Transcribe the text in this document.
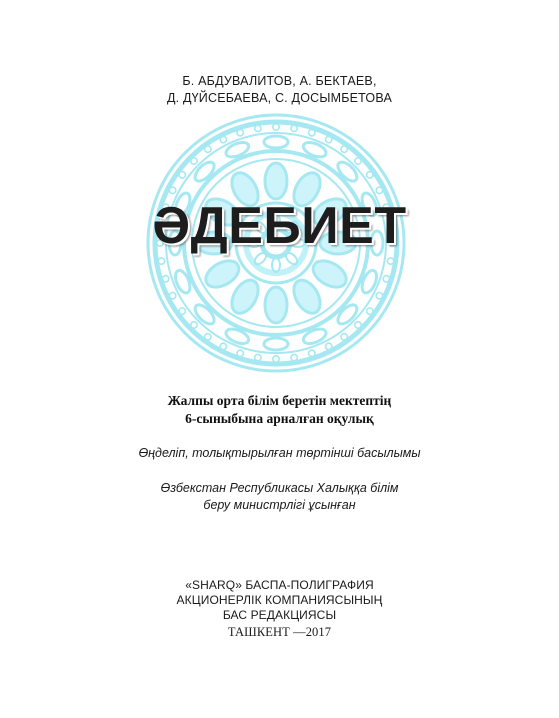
Б. АБДУВАЛИТОВ, А. БЕКТАЕВ,
Д. ДҮЙСЕБАЕВА, С. ДОСЫМБЕТОВА
ӘДЕБИЕТ
Жалпы орта білім беретін мектептің
6-сыныбына арналған оқулық
Өңделіп, толықтырылған төртінші басылымы
Өзбекстан Республикасы Халыққа білім
беру министрлігі ұсынған
«SHARQ» БАСПА-ПОЛИГРАФИЯ
АКЦИОНЕРЛІК КОМПАНИЯСЫНЫҢ
БАС РЕДАКЦИЯСЫ
ТАШКЕНТ —2017
